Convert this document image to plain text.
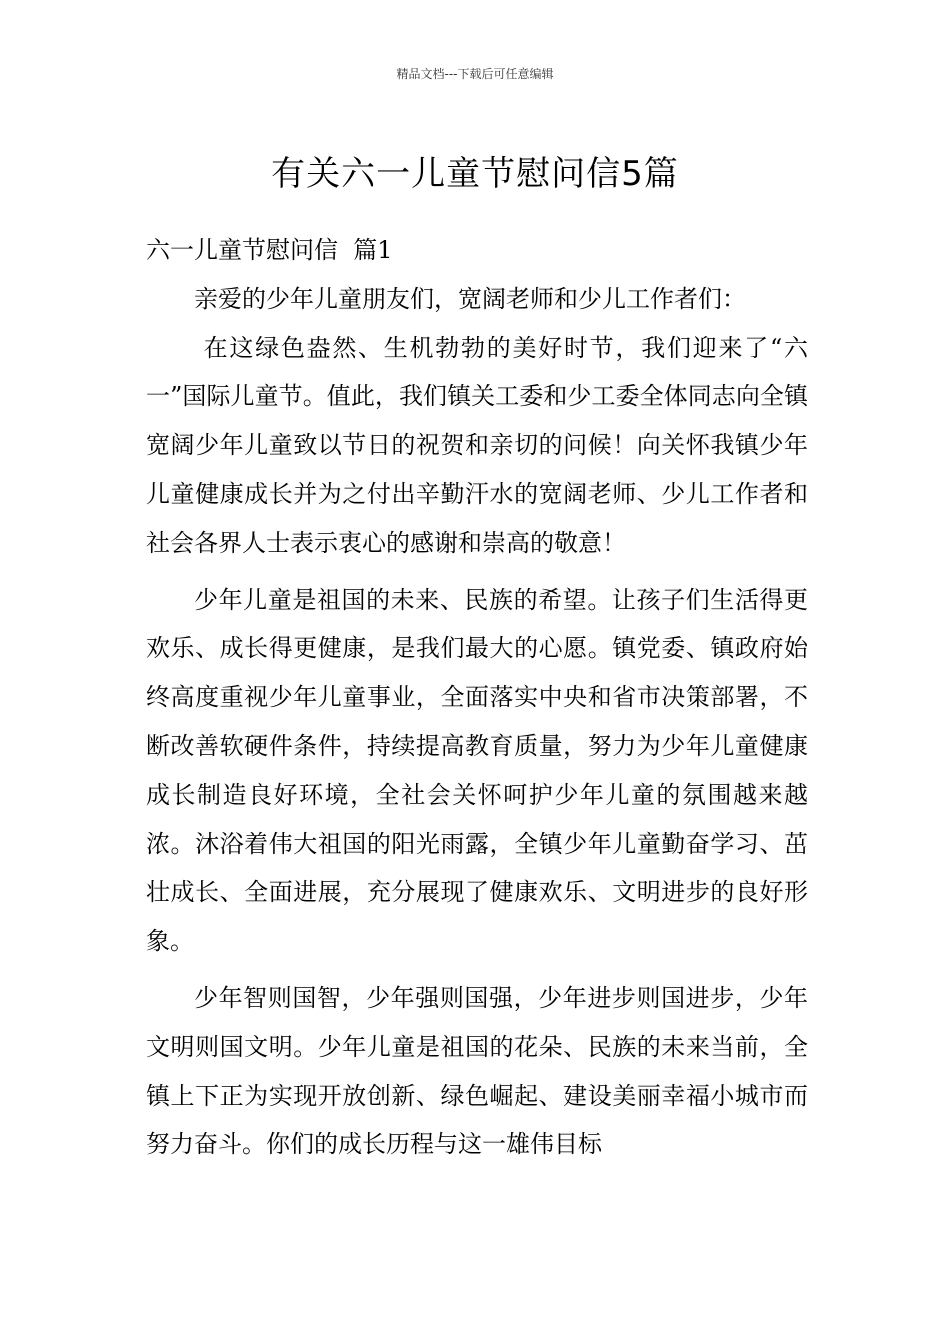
精品文档---下载后可任意编辑
有关六一儿童节慰问信5篇

六一儿童节慰问信  篇1

亲爱的少年儿童朋友们，宽阔老师和少儿工作者们：

在这绿色盎然、生机勃勃的美好时节，我们迎来了“六一”国际儿童节。值此，我们镇关工委和少工委全体同志向全镇宽阔少年儿童致以节日的祝贺和亲切的问候！向关怀我镇少年儿童健康成长并为之付出辛勤汗水的宽阔老师、少儿工作者和社会各界人士表示衷心的感谢和崇高的敬意！

少年儿童是祖国的未来、民族的希望。让孩子们生活得更欢乐、成长得更健康，是我们最大的心愿。镇党委、镇政府始终高度重视少年儿童事业，全面落实中央和省市决策部署，不断改善软硬件条件，持续提高教育质量，努力为少年儿童健康成长制造良好环境，全社会关怀呵护少年儿童的氛围越来越浓。沐浴着伟大祖国的阳光雨露，全镇少年儿童勤奋学习、茁壮成长、全面进展，充分展现了健康欢乐、文明进步的良好形象。

少年智则国智，少年强则国强，少年进步则国进步，少年文明则国文明。少年儿童是祖国的花朵、民族的未来当前，全镇上下正为实现开放创新、绿色崛起、建设美丽幸福小城市而努力奋斗。你们的成长历程与这一雄伟目标
